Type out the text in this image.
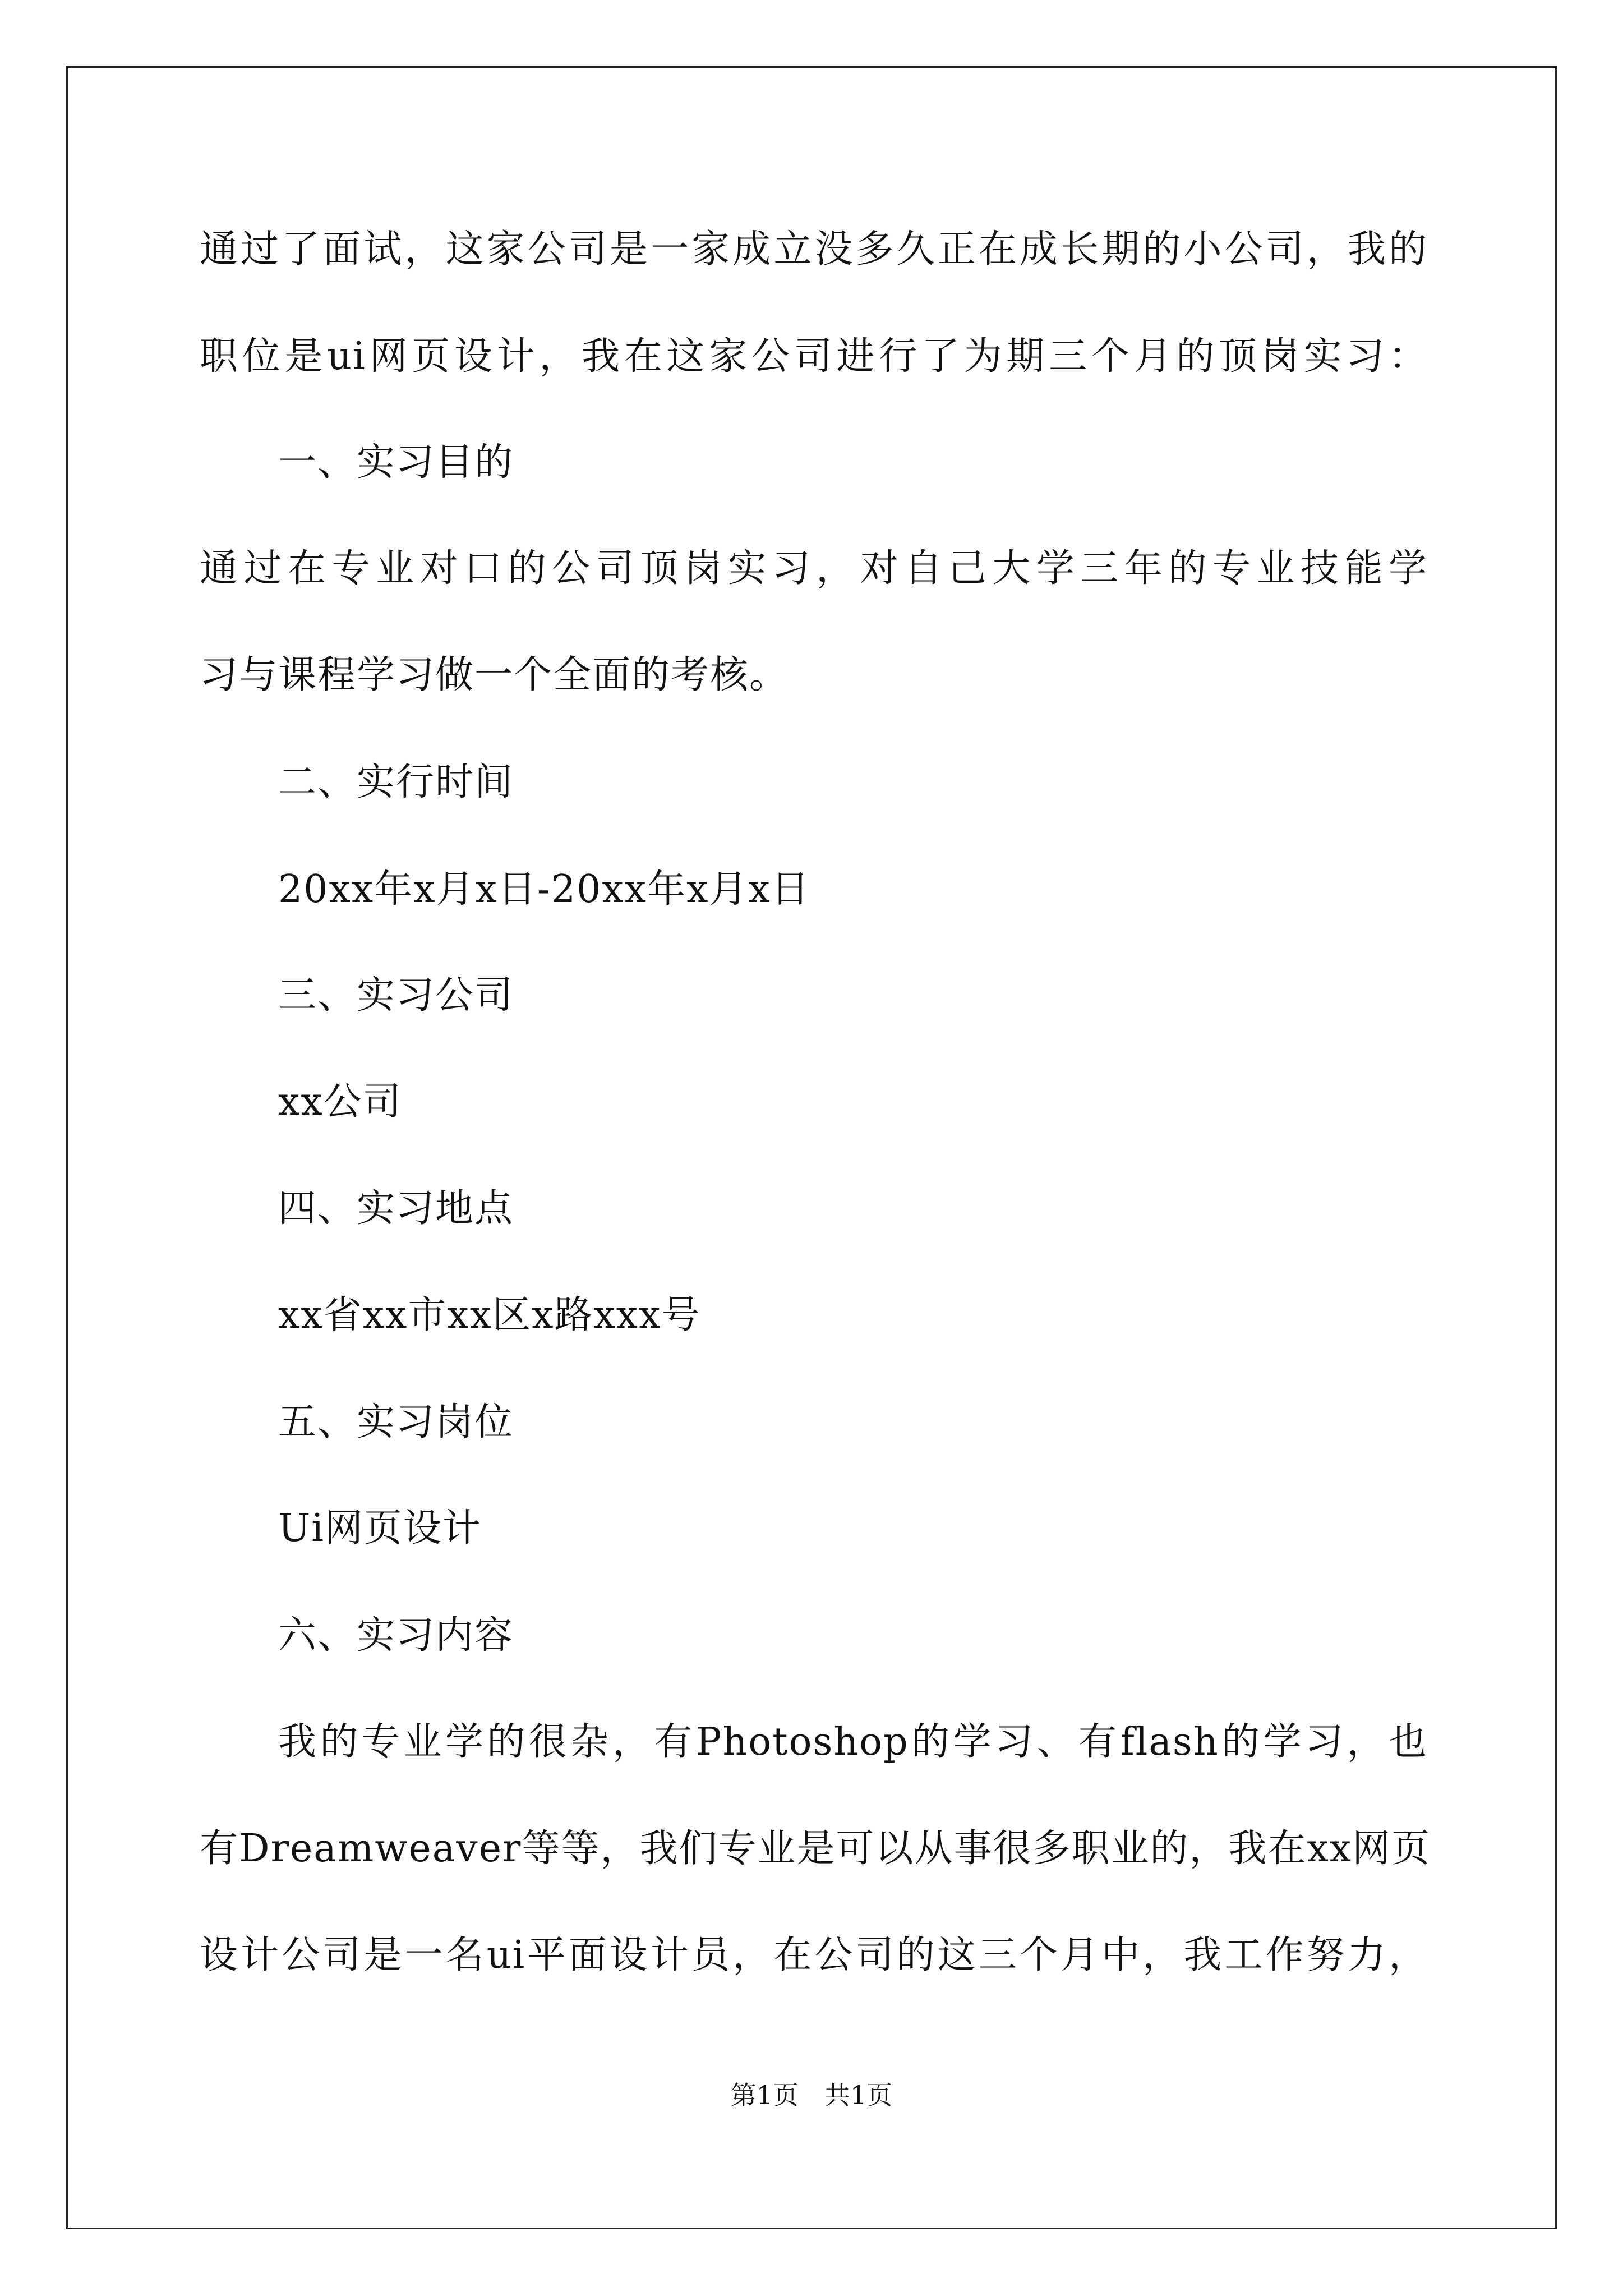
通过了面试，这家公司是一家成立没多久正在成长期的小公司，我的
职位是ui网页设计，我在这家公司进行了为期三个月的顶岗实习：
一、实习目的
通过在专业对口的公司顶岗实习，对自己大学三年的专业技能学
习与课程学习做一个全面的考核。
二、实行时间
20xx年x月x日-20xx年x月x日
三、实习公司
xx公司
四、实习地点
xx省xx市xx区x路xxx号
五、实习岗位
Ui网页设计
六、实习内容
我的专业学的很杂，有Photoshop的学习、有flash的学习，也
有Dreamweaver等等，我们专业是可以从事很多职业的，我在xx网页
设计公司是一名ui平面设计员，在公司的这三个月中，我工作努力，
第1页　共1页
